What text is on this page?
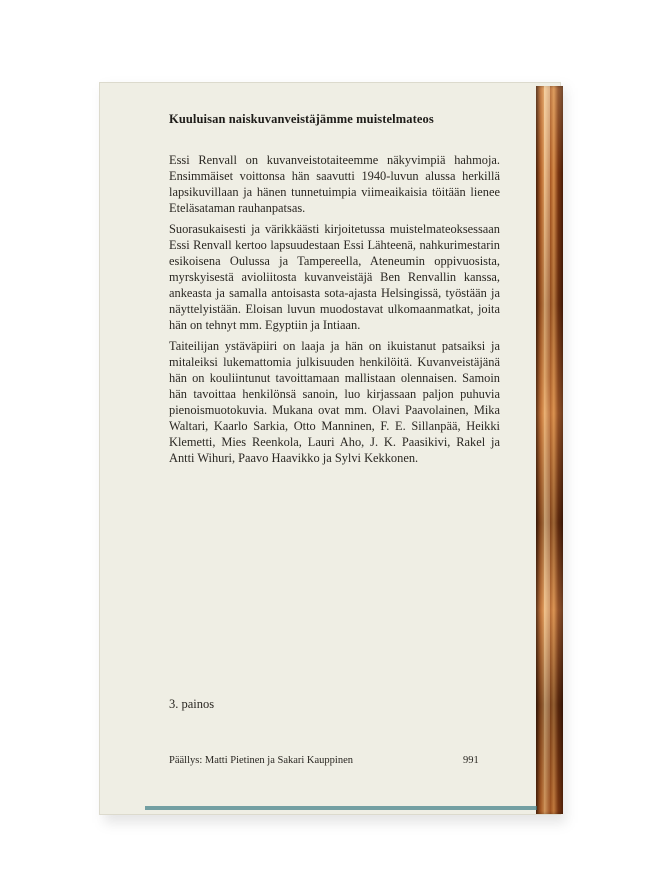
Kuuluisan naiskuvanveistäjämme muistelmateos

Essi Renvall on kuvanveistotaiteemme näkyvimpiä hahmoja. Ensimmäiset voittonsa hän saavutti 1940-luvun alussa herkillä lapsikuvillaan ja hänen tunnetuimpia viimeaikaisia töitään lienee Eteläsataman rauhanpatsas.

Suorasukaisesti ja värikkäästi kirjoitetussa muistelmateoksessaan Essi Renvall kertoo lapsuudestaan Essi Lähteenä, nahkurimestarin esikoisena Oulussa ja Tampereella, Ateneumin oppivuosista, myrskyisestä avioliitosta kuvanveistäjä Ben Renvallin kanssa, ankeasta ja samalla antoisasta sota-ajasta Helsingissä, työstään ja näyttelyistään. Eloisan luvun muodostavat ulkomaanmatkat, joita hän on tehnyt mm. Egyptiin ja Intiaan.

Taiteilijan ystäväpiiri on laaja ja hän on ikuistanut patsaiksi ja mitaleiksi lukemattomia julkisuuden henkilöitä. Kuvanveistäjänä hän on kouliintunut tavoittamaan mallistaan olennaisen. Samoin hän tavoittaa henkilönsä sanoin, luo kirjassaan paljon puhuvia pienoismuotokuvia. Mukana ovat mm. Olavi Paavolainen, Mika Waltari, Kaarlo Sarkia, Otto Manninen, F. E. Sillanpää, Heikki Klemetti, Mies Reenkola, Lauri Aho, J. K. Paasikivi, Rakel ja Antti Wihuri, Paavo Haavikko ja Sylvi Kekkonen.

3. painos
Päällys: Matti Pietinen ja Sakari Kauppinen	991
